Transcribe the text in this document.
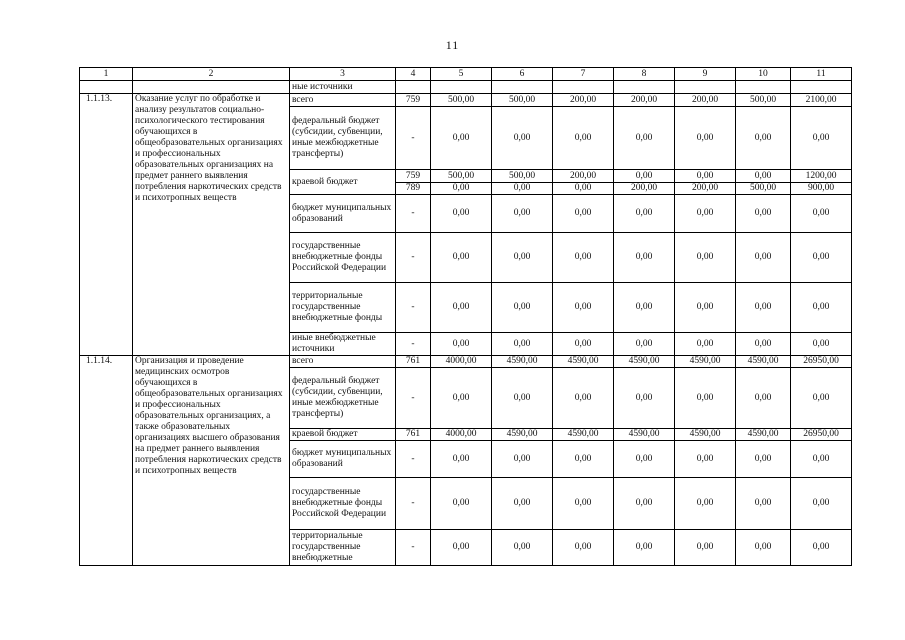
11
1	2	3	4	5	6	7	8	9	10	11
		ные источники								
1.1.13.	Оказание услуг по обработке и анализу результатов социально-психологического тестирования обучающихся в общеобразовательных организациях и профессиональных образовательных организациях на предмет раннего выявления потребления наркотических средств и психотропных веществ	всего	759	500,00	500,00	200,00	200,00	200,00	500,00	2100,00
		федеральный бюджет (субсидии, субвенции, иные межбюджетные трансферты)	-	0,00	0,00	0,00	0,00	0,00	0,00	0,00
		краевой бюджет	759	500,00	500,00	200,00	0,00	0,00	0,00	1200,00
			789	0,00	0,00	0,00	200,00	200,00	500,00	900,00
		бюджет муниципальных образований	-	0,00	0,00	0,00	0,00	0,00	0,00	0,00
		государственные внебюджетные фонды Российской Федерации	-	0,00	0,00	0,00	0,00	0,00	0,00	0,00
		территориальные государственные внебюджетные фонды	-	0,00	0,00	0,00	0,00	0,00	0,00	0,00
		иные внебюджетные источники	-	0,00	0,00	0,00	0,00	0,00	0,00	0,00
1.1.14.	Организация и проведение медицинских осмотров обучающихся в общеобразовательных организациях и профессиональных образовательных организациях, а также образовательных организациях высшего образования на предмет раннего выявления потребления наркотических средств и психотропных веществ	всего	761	4000,00	4590,00	4590,00	4590,00	4590,00	4590,00	26950,00
		федеральный бюджет (субсидии, субвенции, иные межбюджетные трансферты)	-	0,00	0,00	0,00	0,00	0,00	0,00	0,00
		краевой бюджет	761	4000,00	4590,00	4590,00	4590,00	4590,00	4590,00	26950,00
		бюджет муниципальных образований	-	0,00	0,00	0,00	0,00	0,00	0,00	0,00
		государственные внебюджетные фонды Российской Федерации	-	0,00	0,00	0,00	0,00	0,00	0,00	0,00
		территориальные государственные внебюджетные	-	0,00	0,00	0,00	0,00	0,00	0,00	0,00
